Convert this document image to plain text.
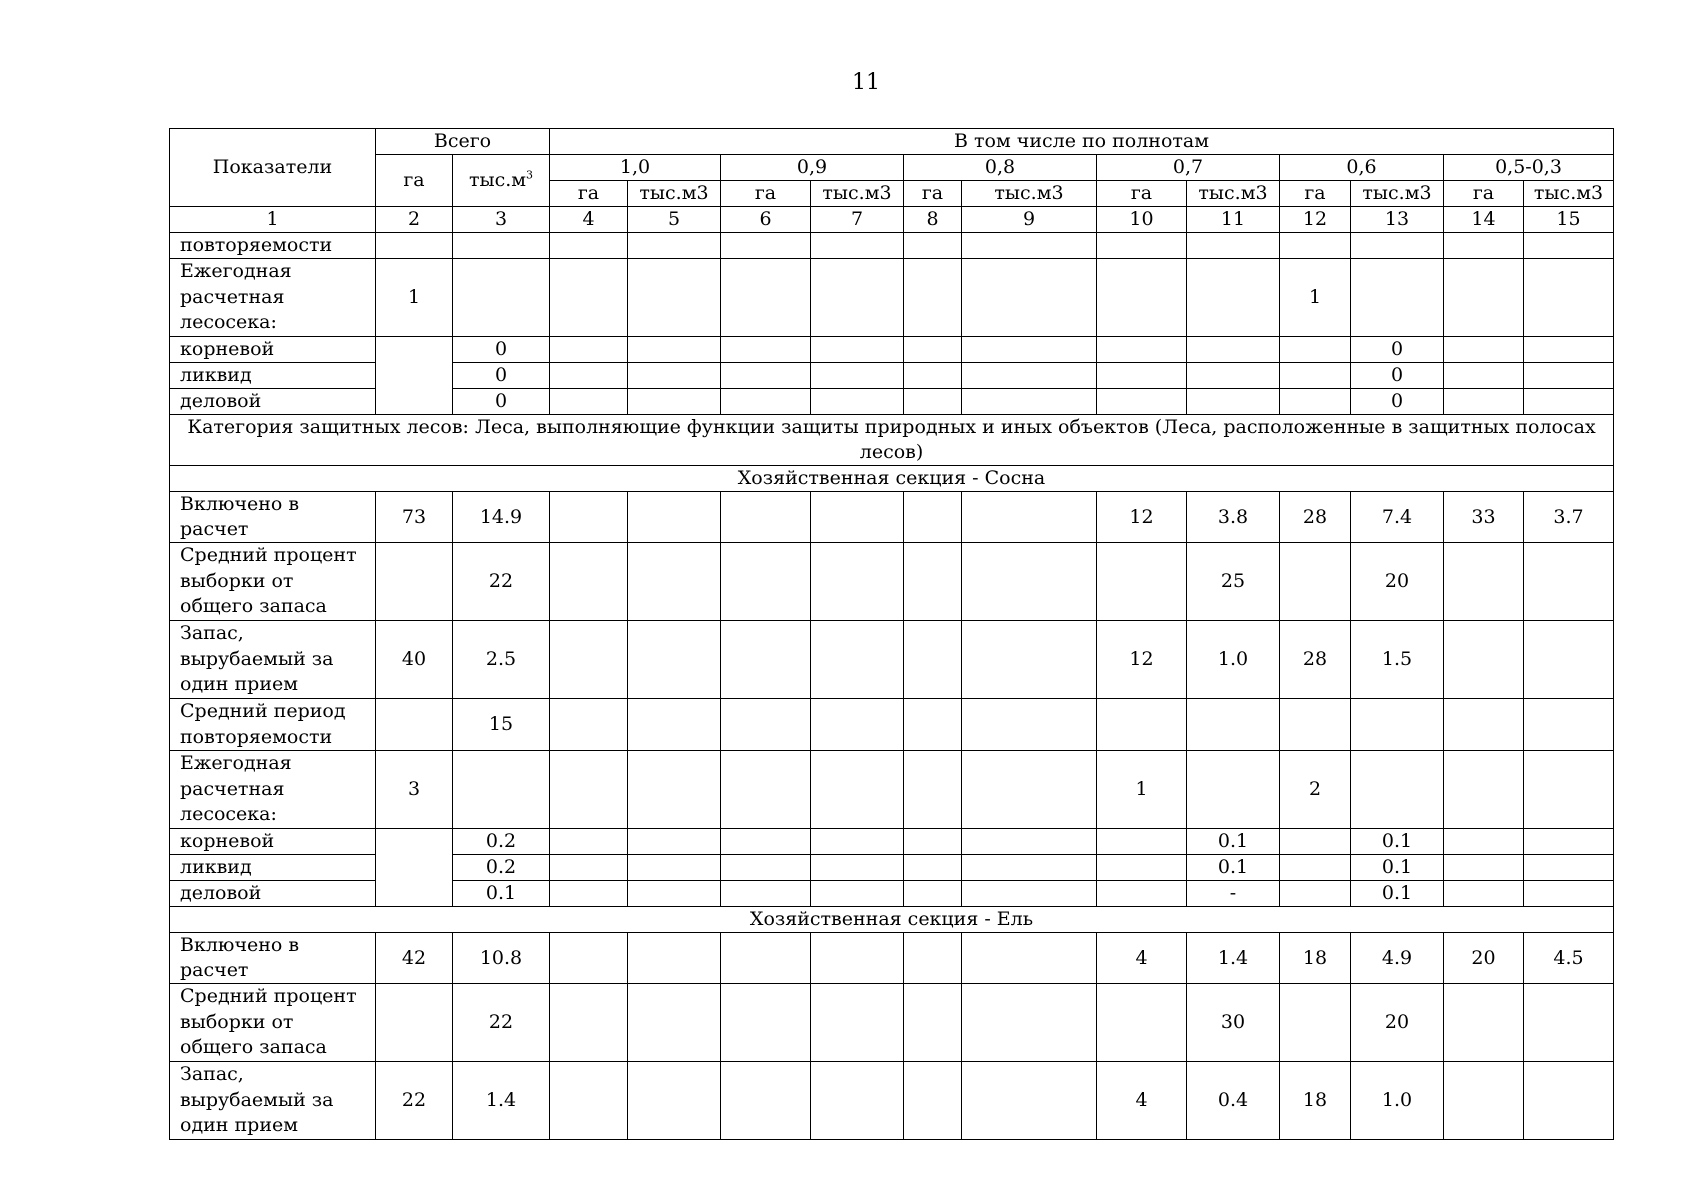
11
Показатели	Всего		В том числе по полнотам											
	га	$тыс.м^3$	1,0		0,9		0,8		0,7		0,6		0,5-0,3	
			га	тыс.м3	га	тыс.м3	га	тыс.м3	га	тыс.м3	га	тыс.м3	га	тыс.м3
1	2	3	4	5	6	7	8	9	10	11	12	13	14	15
повторяемости														

Ежегодная
расчетная
лесосека:	1										1			
корневой		0										0		
ликвид		0										0		
деловой		0										0		
Категория защитных лесов: Леса, выполняющие функции защиты природных и иных объектов (Леса, расположенные в защитных полосах лесов)														
Хозяйственная секция - Сосна														
Включено в расчет	73	14.9							12	3.8	28	7.4	33	3.7

Средний процент
выборки от
общего запаса		22								25		20		

Запас,
вырубаемый за
один прием	40	2.5							12	1.0	28	1.5		

Средний период
повторяемости		15												

Ежегодная
расчетная
лесосека:	3								1		2			
корневой		0.2								0.1		0.1		
ликвид		0.2								0.1		0.1		
деловой		0.1								-		0.1		
Хозяйственная секция - Ель														
Включено в расчет	42	10.8							4	1.4	18	4.9	20	4.5

Средний процент
выборки от
общего запаса		22								30		20		

Запас,
вырубаемый за
один прием	22	1.4							4	0.4	18	1.0		
